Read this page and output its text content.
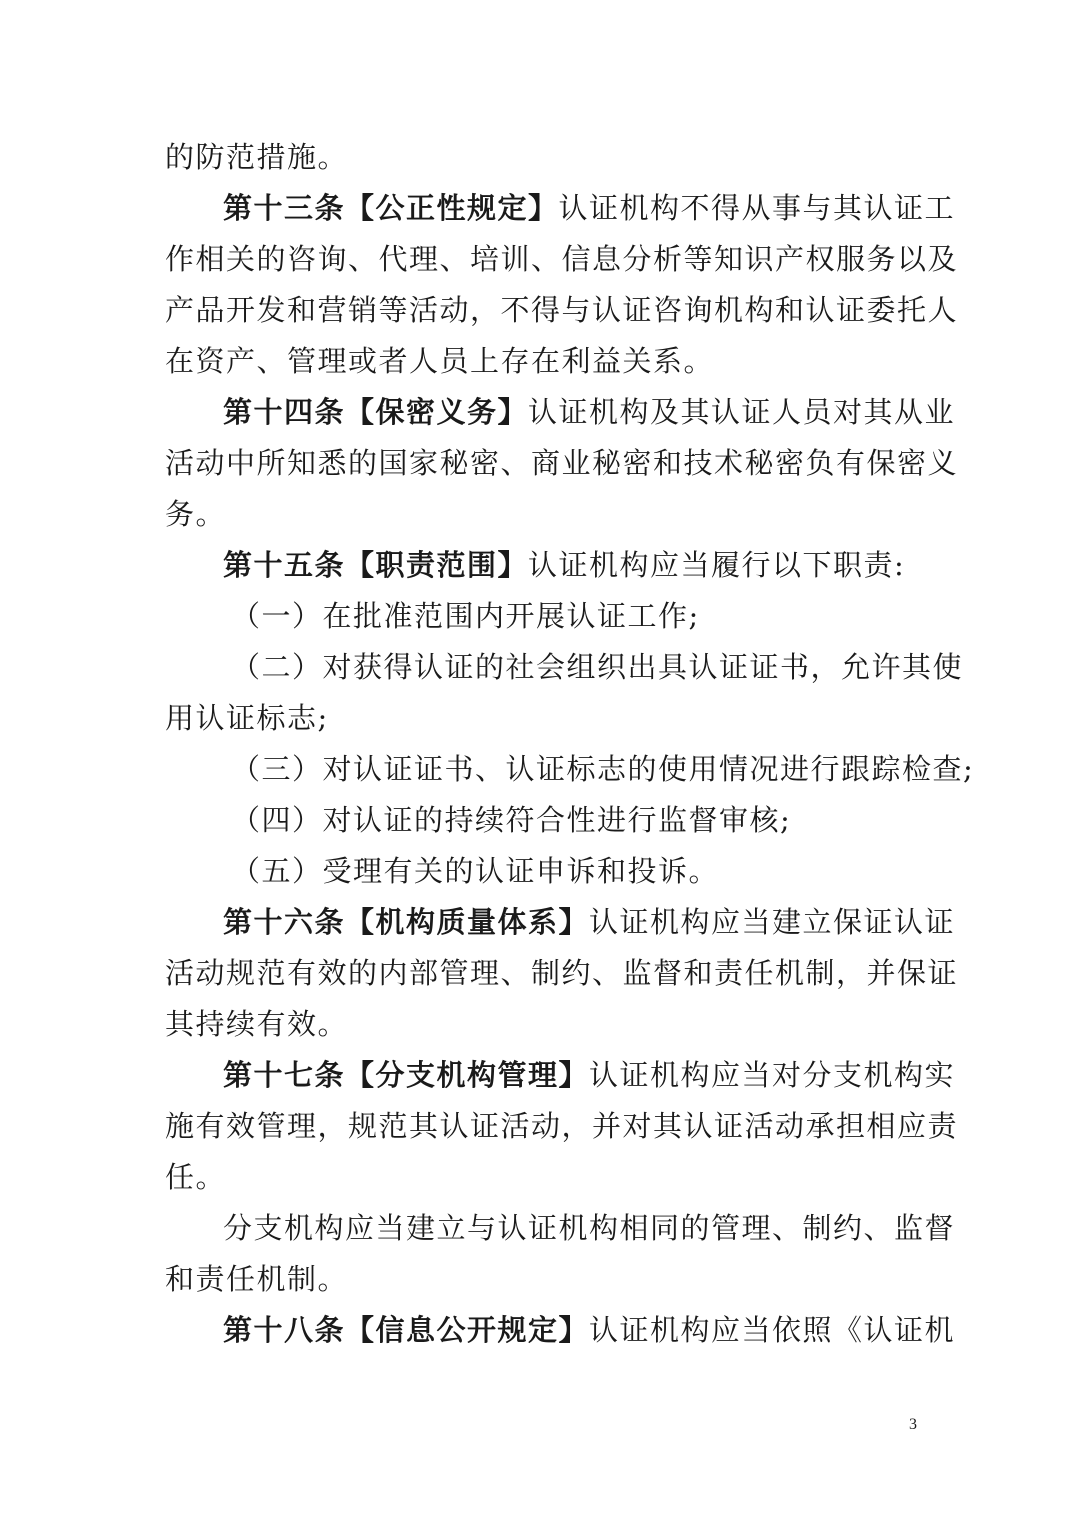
的防范措施。
第十三条【公正性规定】认证机构不得从事与其认证工
作相关的咨询、代理、培训、信息分析等知识产权服务以及
产品开发和营销等活动，不得与认证咨询机构和认证委托人
在资产、管理或者人员上存在利益关系。
第十四条【保密义务】认证机构及其认证人员对其从业
活动中所知悉的国家秘密、商业秘密和技术秘密负有保密义
务。
第十五条【职责范围】认证机构应当履行以下职责:
（一）在批准范围内开展认证工作;
（二）对获得认证的社会组织出具认证证书，允许其使
用认证标志;
（三）对认证证书、认证标志的使用情况进行跟踪检查;
（四）对认证的持续符合性进行监督审核;
（五）受理有关的认证申诉和投诉。
第十六条【机构质量体系】认证机构应当建立保证认证
活动规范有效的内部管理、制约、监督和责任机制，并保证
其持续有效。
第十七条【分支机构管理】认证机构应当对分支机构实
施有效管理，规范其认证活动，并对其认证活动承担相应责
任。
分支机构应当建立与认证机构相同的管理、制约、监督
和责任机制。
第十八条【信息公开规定】认证机构应当依照《认证机
3
